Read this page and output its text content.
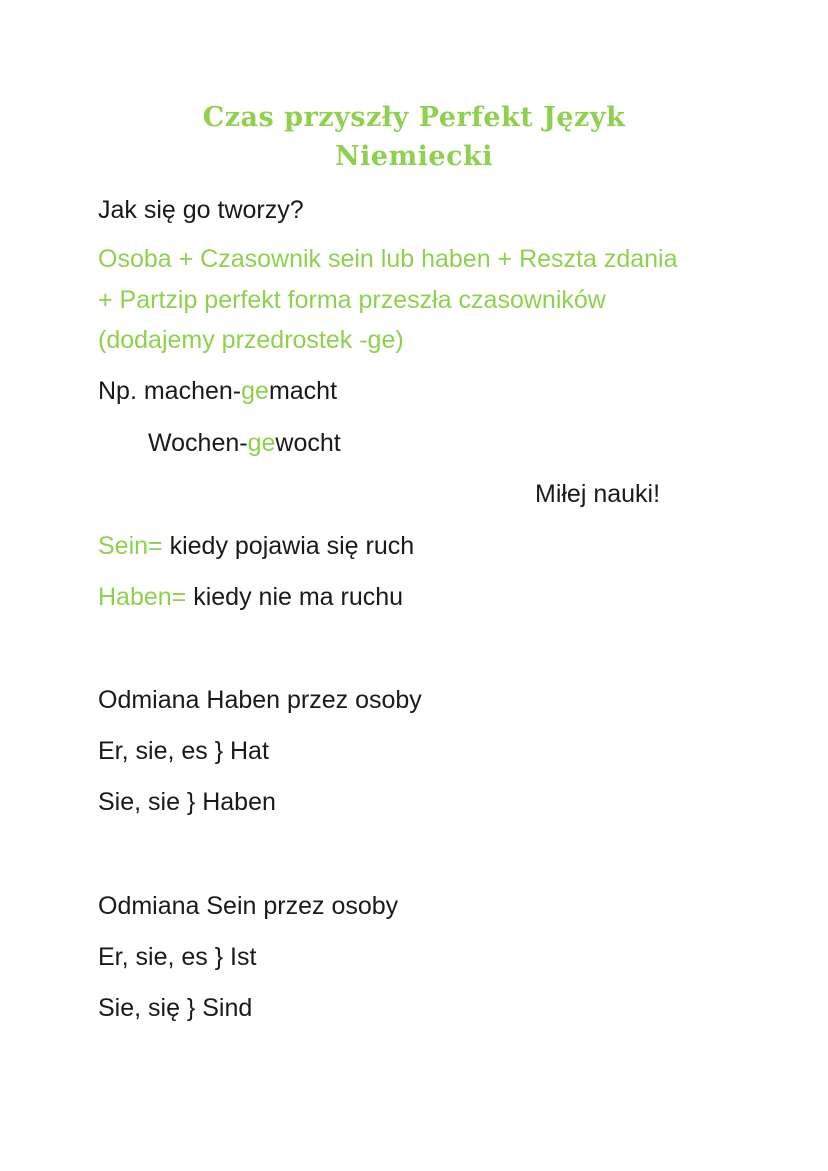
Czas przyszły Perfekt Język
Niemiecki
Jak się go tworzy?
Osoba + Czasownik sein lub haben + Reszta zdania
+ Partzip perfekt forma przeszła czasowników
(dodajemy przedrostek -ge)
Np. machen-gemacht
Wochen-gewocht
Miłej nauki!
Sein= kiedy pojawia się ruch
Haben= kiedy nie ma ruchu
Odmiana Haben przez osoby
Er, sie, es } Hat
Sie, sie } Haben
Odmiana Sein przez osoby
Er, sie, es } Ist
Sie, się } Sind
